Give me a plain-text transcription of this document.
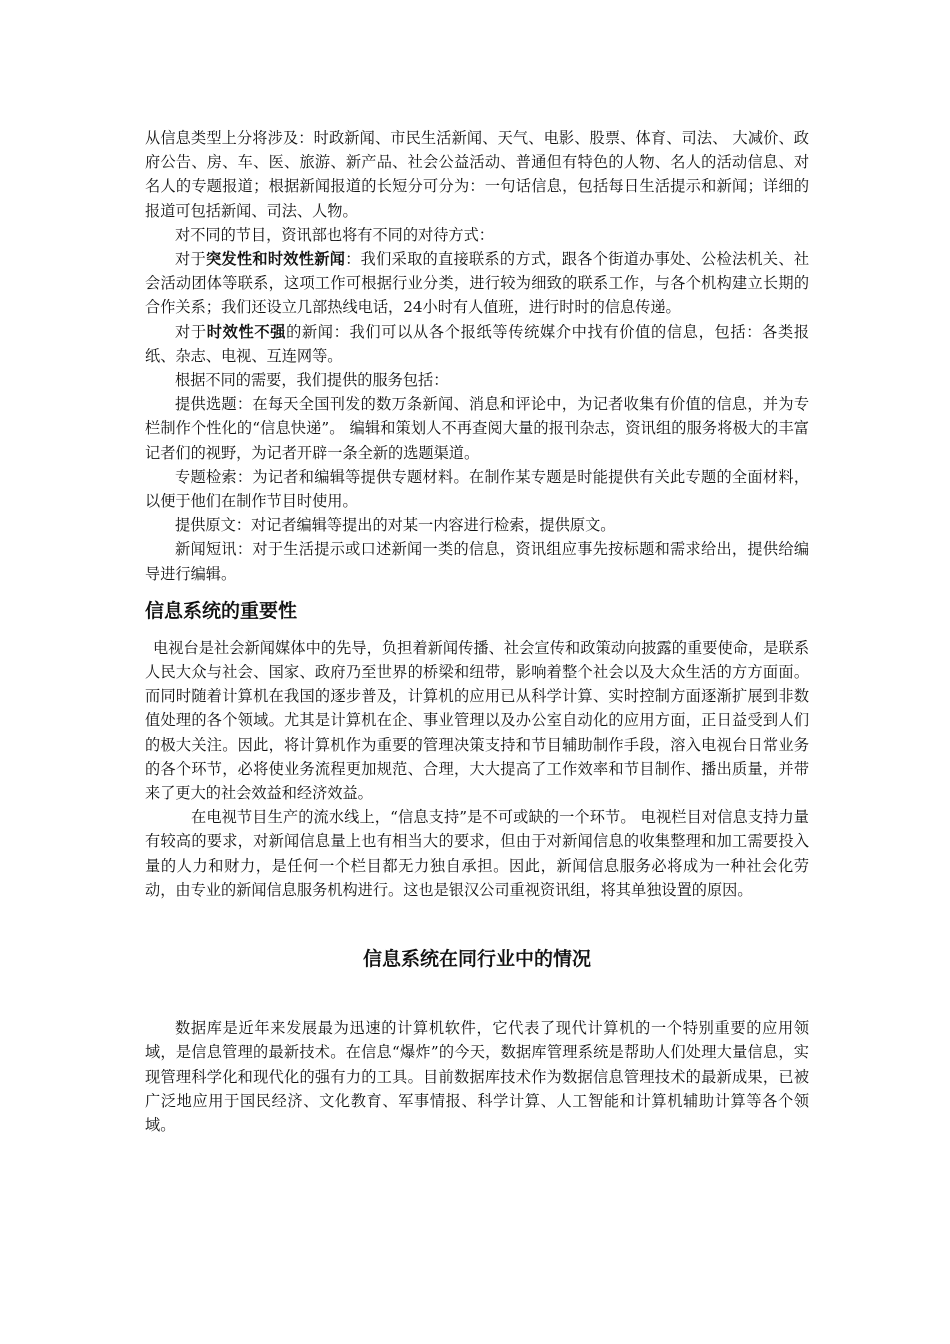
从信息类型上分将涉及：时政新闻、市民生活新闻、天气、电影、股票、体育、司法、 大减价、政府公告、房、车、医、旅游、新产品、社会公益活动、普通但有特色的人物、名人的活动信息、对名人的专题报道；根据新闻报道的长短分可分为：一句话信息，包括每日生活提示和新闻；详细的报道可包括新闻、司法、人物。

对不同的节目，资讯部也将有不同的对待方式：

对于突发性和时效性新闻：我们采取的直接联系的方式，跟各个街道办事处、公检法机关、社会活动团体等联系，这项工作可根据行业分类，进行较为细致的联系工作，与各个机构建立长期的合作关系；我们还设立几部热线电话，24小时有人值班，进行时时的信息传递。

对于时效性不强的新闻：我们可以从各个报纸等传统媒介中找有价值的信息，包括：各类报纸、杂志、电视、互连网等。

根据不同的需要，我们提供的服务包括：

提供选题：在每天全国刊发的数万条新闻、消息和评论中，为记者收集有价值的信息，并为专栏制作个性化的“信息快递”。 编辑和策划人不再查阅大量的报刊杂志，资讯组的服务将极大的丰富记者们的视野，为记者开辟一条全新的选题渠道。

专题检索：为记者和编辑等提供专题材料。在制作某专题是时能提供有关此专题的全面材料，以便于他们在制作节目时使用。

提供原文：对记者编辑等提出的对某一内容进行检索，提供原文。

新闻短讯：对于生活提示或口述新闻一类的信息，资讯组应事先按标题和需求给出，提供给编导进行编辑。

信息系统的重要性

电视台是社会新闻媒体中的先导，负担着新闻传播、社会宣传和政策动向披露的重要使命，是联系人民大众与社会、国家、政府乃至世界的桥梁和纽带，影响着整个社会以及大众生活的方方面面。而同时随着计算机在我国的逐步普及，计算机的应用已从科学计算、实时控制方面逐渐扩展到非数值处理的各个领域。尤其是计算机在企、事业管理以及办公室自动化的应用方面，正日益受到人们的极大关注。因此，将计算机作为重要的管理决策支持和节目辅助制作手段，溶入电视台日常业务的各个环节，必将使业务流程更加规范、合理，大大提高了工作效率和节目制作、播出质量，并带来了更大的社会效益和经济效益。

在电视节目生产的流水线上，“信息支持”是不可或缺的一个环节。 电视栏目对信息支持力量有较高的要求，对新闻信息量上也有相当大的要求，但由于对新闻信息的收集整理和加工需要投入量的人力和财力，是任何一个栏目都无力独自承担。因此，新闻信息服务必将成为一种社会化劳动，由专业的新闻信息服务机构进行。这也是银汉公司重视资讯组，将其单独设置的原因。

信息系统在同行业中的情况

数据库是近年来发展最为迅速的计算机软件，它代表了现代计算机的一个特别重要的应用领域，是信息管理的最新技术。在信息“爆炸”的今天，数据库管理系统是帮助人们处理大量信息，实现管理科学化和现代化的强有力的工具。目前数据库技术作为数据信息管理技术的最新成果，已被广泛地应用于国民经济、文化教育、军事情报、科学计算、人工智能和计算机辅助计算等各个领域。
